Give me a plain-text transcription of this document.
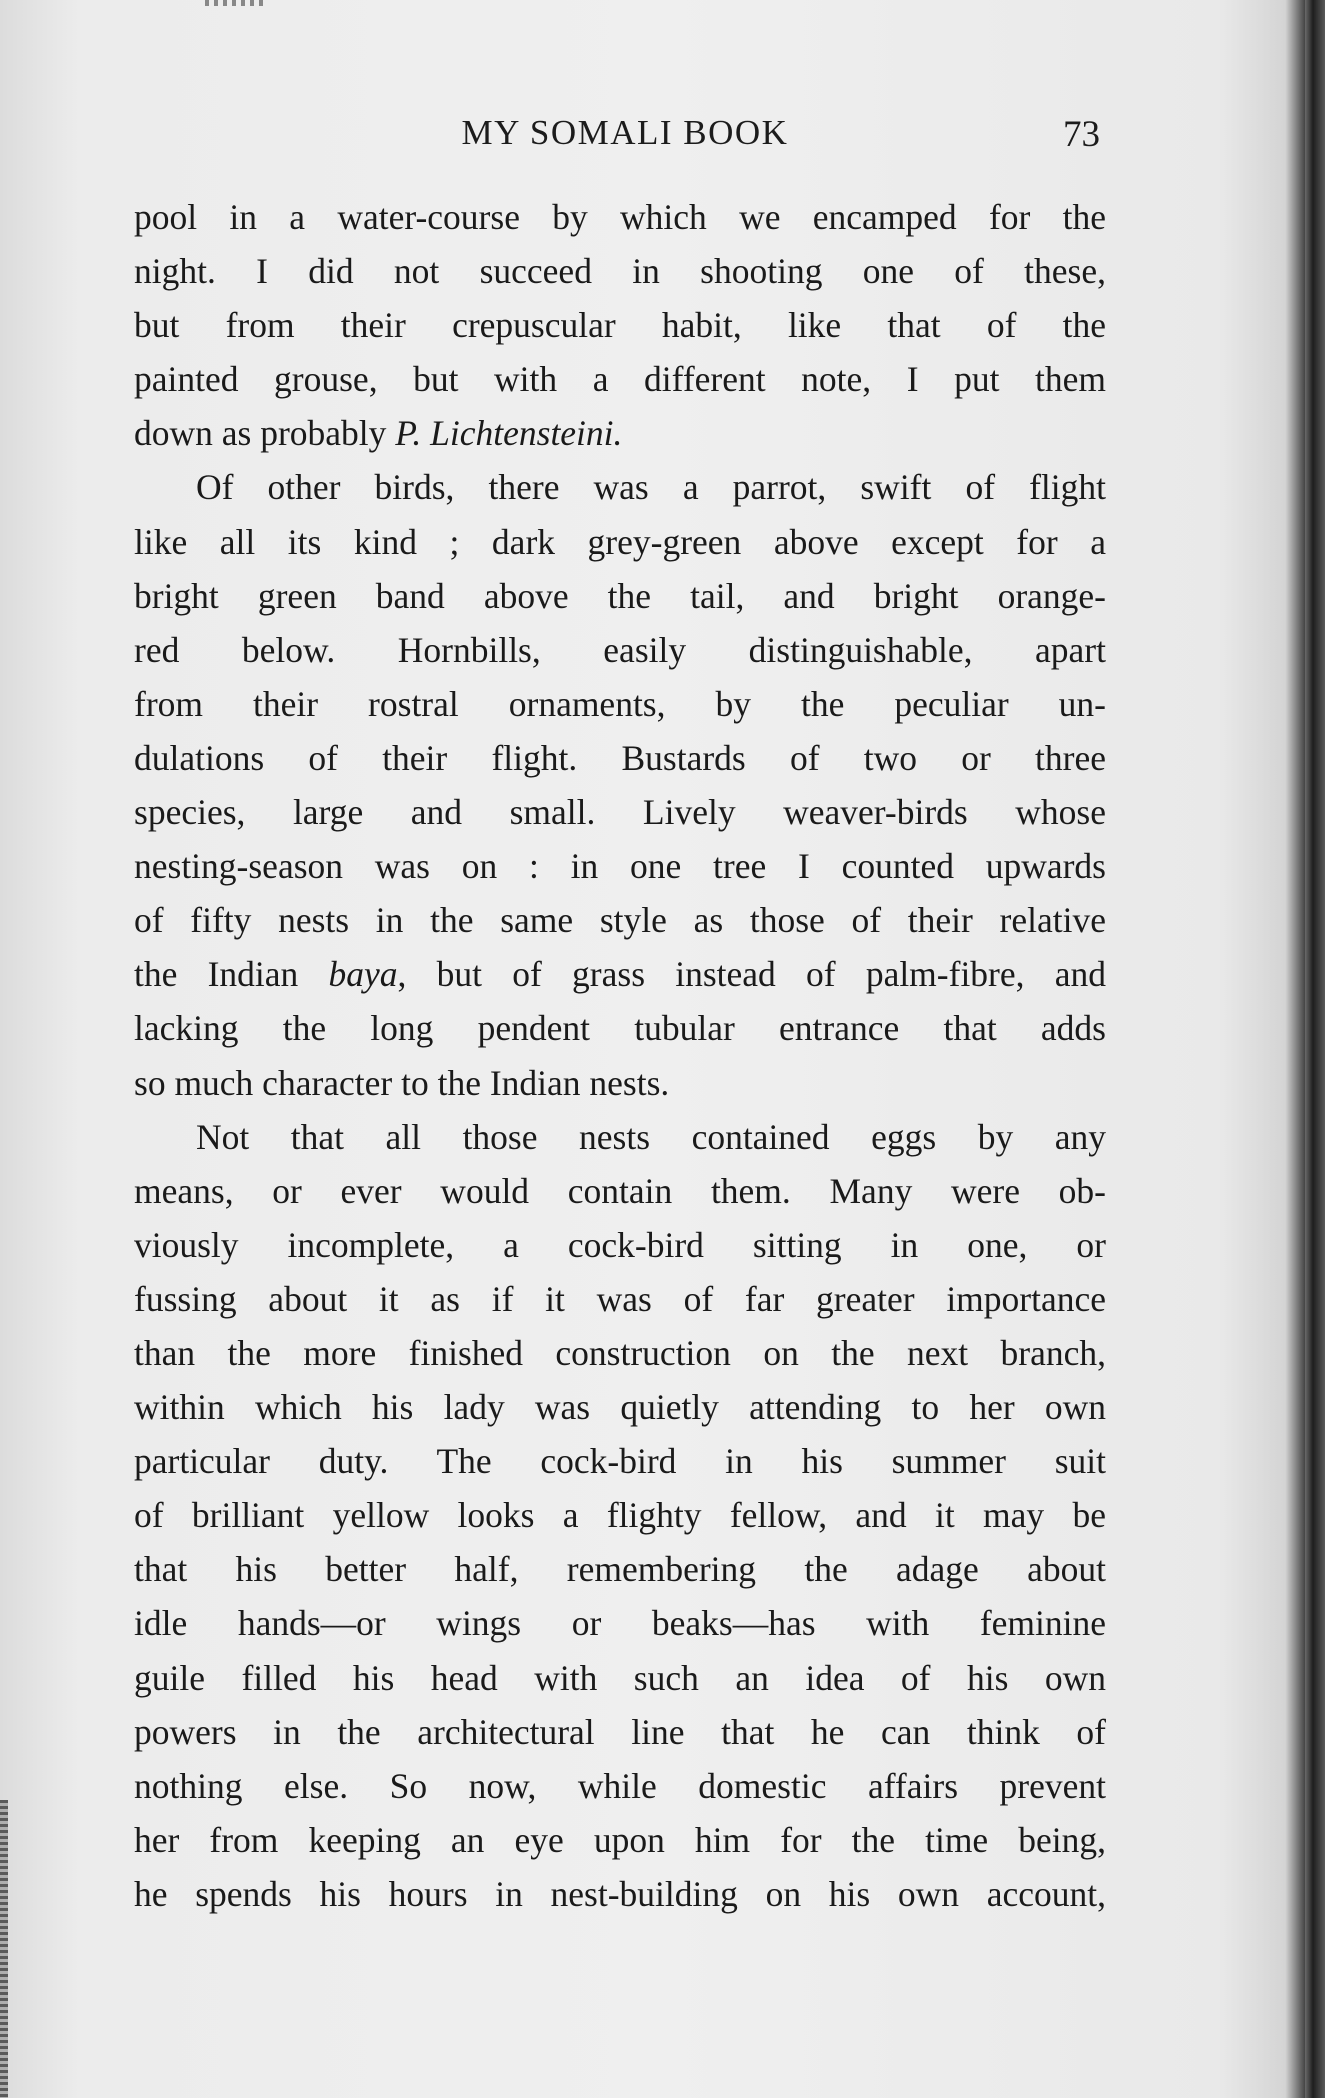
MY SOMALI BOOK	73
pool in a water-course by which we encamped for the
night. I did not succeed in shooting one of these,
but from their crepuscular habit, like that of the
painted grouse, but with a different note, I put them
down as probably P. Lichtensteini.
Of other birds, there was a parrot, swift of flight
like all its kind ; dark grey-green above except for a
bright green band above the tail, and bright orange-
red below. Hornbills, easily distinguishable, apart
from their rostral ornaments, by the peculiar un-
dulations of their flight. Bustards of two or three
species, large and small. Lively weaver-birds whose
nesting-season was on : in one tree I counted upwards
of fifty nests in the same style as those of their relative
the Indian baya, but of grass instead of palm-fibre, and
lacking the long pendent tubular entrance that adds
so much character to the Indian nests.
Not that all those nests contained eggs by any
means, or ever would contain them. Many were ob-
viously incomplete, a cock-bird sitting in one, or
fussing about it as if it was of far greater importance
than the more finished construction on the next branch,
within which his lady was quietly attending to her own
particular duty. The cock-bird in his summer suit
of brilliant yellow looks a flighty fellow, and it may be
that his better half, remembering the adage about
idle hands—or wings or beaks—has with feminine
guile filled his head with such an idea of his own
powers in the architectural line that he can think of
nothing else. So now, while domestic affairs prevent
her from keeping an eye upon him for the time being,
he spends his hours in nest-building on his own account,
